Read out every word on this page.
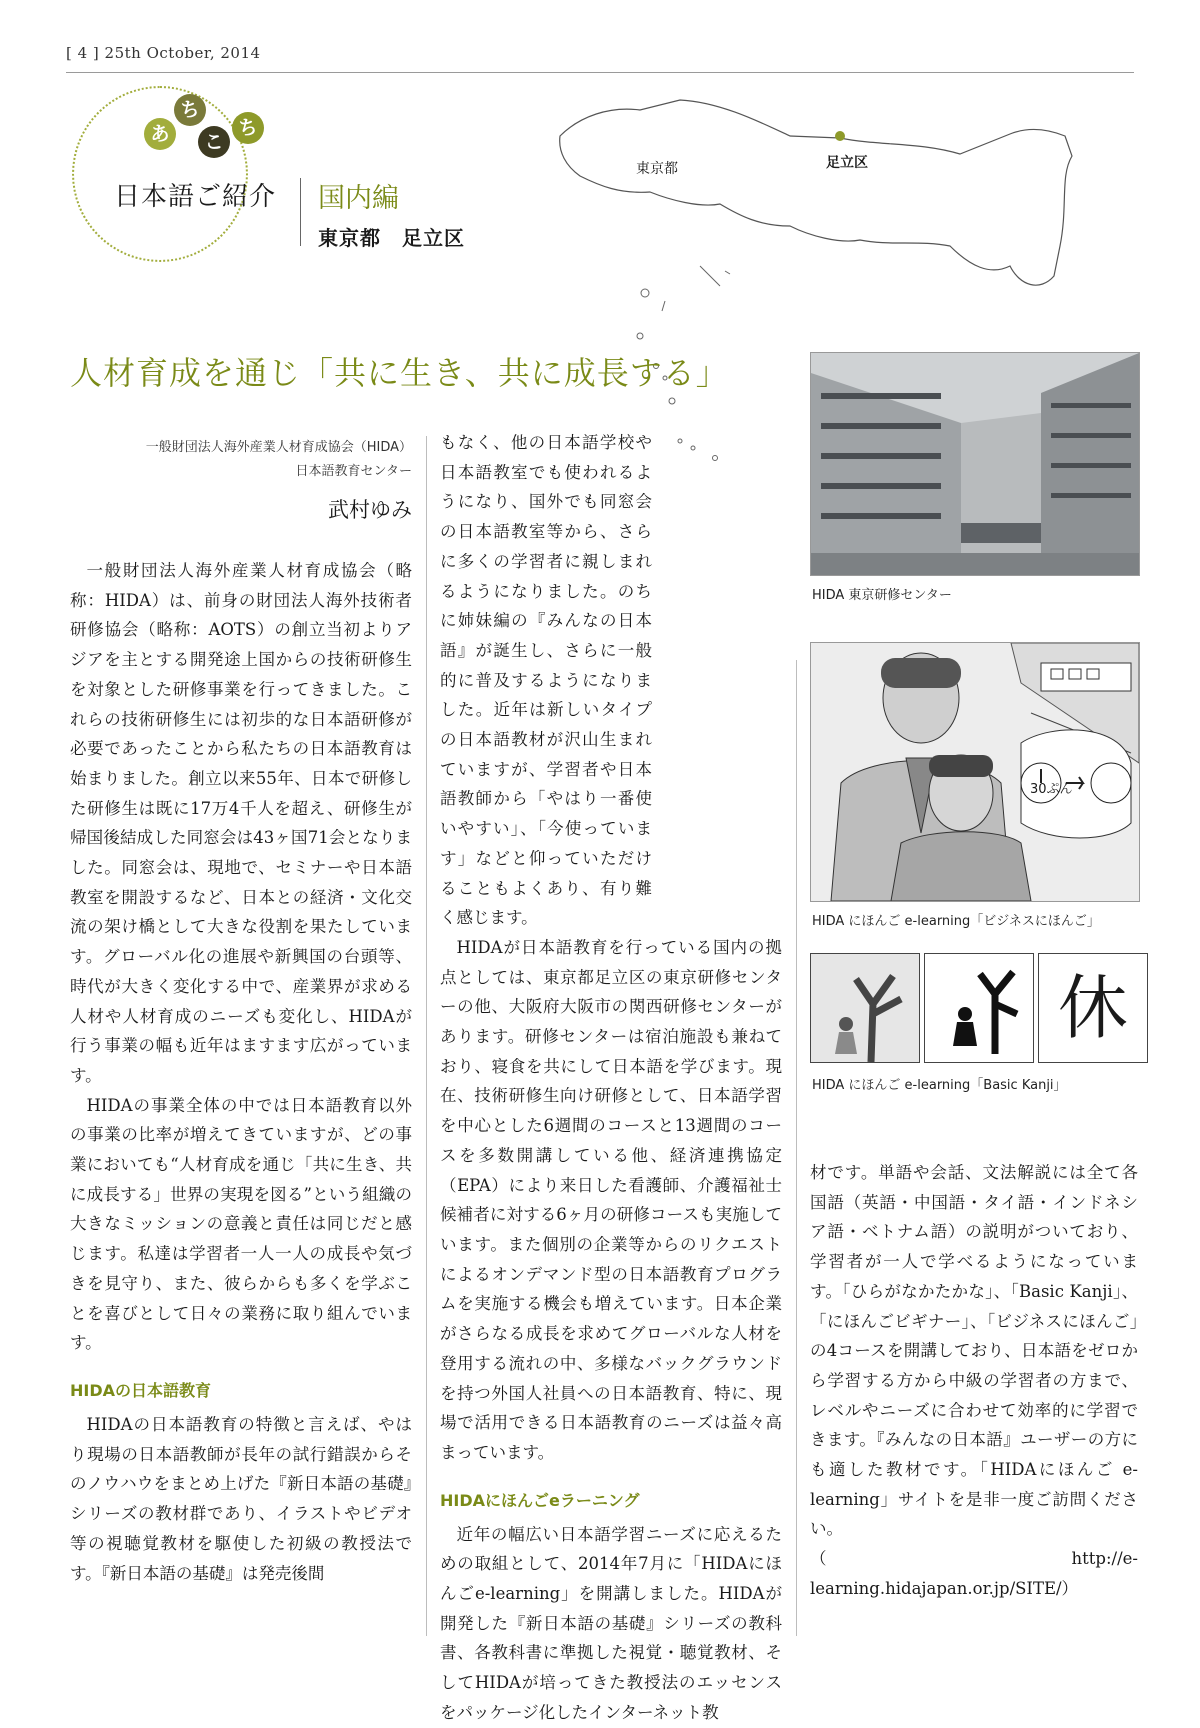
[ 4 ] 25th October, 2014
あ
ち
こ
ち
日本語ご紹介 国内編
東京都　足立区
東京都	足立区
人材育成を通じ「共に生き、共に成長する」
一般財団法人海外産業人材育成協会（HIDA）
日本語教育センター
武村ゆみ

一般財団法人海外産業人材育成協会（略称：HIDA）は、前身の財団法人海外技術者研修協会（略称：AOTS）の創立当初よりアジアを主とする開発途上国からの技術研修生を対象とした研修事業を行ってきました。これらの技術研修生には初歩的な日本語研修が必要であったことから私たちの日本語教育は始まりました。創立以来55年、日本で研修した研修生は既に17万4千人を超え、研修生が帰国後結成した同窓会は43ヶ国71会となりました。同窓会は、現地で、セミナーや日本語教室を開設するなど、日本との経済・文化交流の架け橋として大きな役割を果たしています。グローバル化の進展や新興国の台頭等、時代が大きく変化する中で、産業界が求める人材や人材育成のニーズも変化し、HIDAが行う事業の幅も近年はますます広がっています。

HIDAの事業全体の中では日本語教育以外の事業の比率が増えてきていますが、どの事業においても“人材育成を通じ「共に生き、共に成長する」世界の実現を図る”という組織の大きなミッションの意義と責任は同じだと感じます。私達は学習者一人一人の成長や気づきを見守り、また、彼らからも多くを学ぶことを喜びとして日々の業務に取り組んでいます。

HIDAの日本語教育

HIDAの日本語教育の特徴と言えば、やはり現場の日本語教師が長年の試行錯誤からそのノウハウをまとめ上げた『新日本語の基礎』シリーズの教材群であり、イラストやビデオ等の視聴覚教材を駆使した初級の教授法です。『新日本語の基礎』は発売後間

もなく、他の日本語学校や日本語教室でも使われるようになり、国外でも同窓会の日本語教室等から、さらに多くの学習者に親しまれるようになりました。のちに姉妹編の『みんなの日本語』が誕生し、さらに一般的に普及するようになりました。近年は新しいタイプの日本語教材が沢山生まれていますが、学習者や日本語教師から「やはり一番使いやすい」、「今使っています」などと仰っていただけることもよくあり、有り難く感じます。

HIDAが日本語教育を行っている国内の拠点としては、東京都足立区の東京研修センターの他、大阪府大阪市の関西研修センターがあります。研修センターは宿泊施設も兼ねており、寝食を共にして日本語を学びます。現在、技術研修生向け研修として、日本語学習を中心とした6週間のコースと13週間のコースを多数開講している他、経済連携協定（EPA）により来日した看護師、介護福祉士候補者に対する6ヶ月の研修コースも実施しています。また個別の企業等からのリクエストによるオンデマンド型の日本語教育プログラムを実施する機会も増えています。日本企業がさらなる成長を求めてグローバルな人材を登用する流れの中、多様なバックグラウンドを持つ外国人社員への日本語教育、特に、現場で活用できる日本語教育のニーズは益々高まっています。

HIDAにほんごeラーニング

近年の幅広い日本語学習ニーズに応えるための取組として、2014年7月に「HIDAにほんごe-learning」を開講しました。HIDAが開発した『新日本語の基礎』シリーズの教科書、各教科書に準拠した視覚・聴覚教材、そしてHIDAが培ってきた教授法のエッセンスをパッケージ化したインターネット教

HIDA 東京研修センター
30ぷん
HIDA にほんご e-learning「ビジネスにほんご」
休
HIDA にほんご e-learning「Basic Kanji」

材です。単語や会話、文法解説には全て各国語（英語・中国語・タイ語・インドネシア語・ベトナム語）の説明がついており、学習者が一人で学べるようになっています。「ひらがなかたかな」、「Basic Kanji」、「にほんごビギナー」、「ビジネスにほんご」の4コースを開講しており、日本語をゼロから学習する方から中級の学習者の方まで、レベルやニーズに合わせて効率的に学習できます。『みんなの日本語』ユーザーの方にも適した教材です。「HIDAにほんご e-learning」サイトを是非一度ご訪問ください。

（http://e-learning.hidajapan.or.jp/SITE/）
